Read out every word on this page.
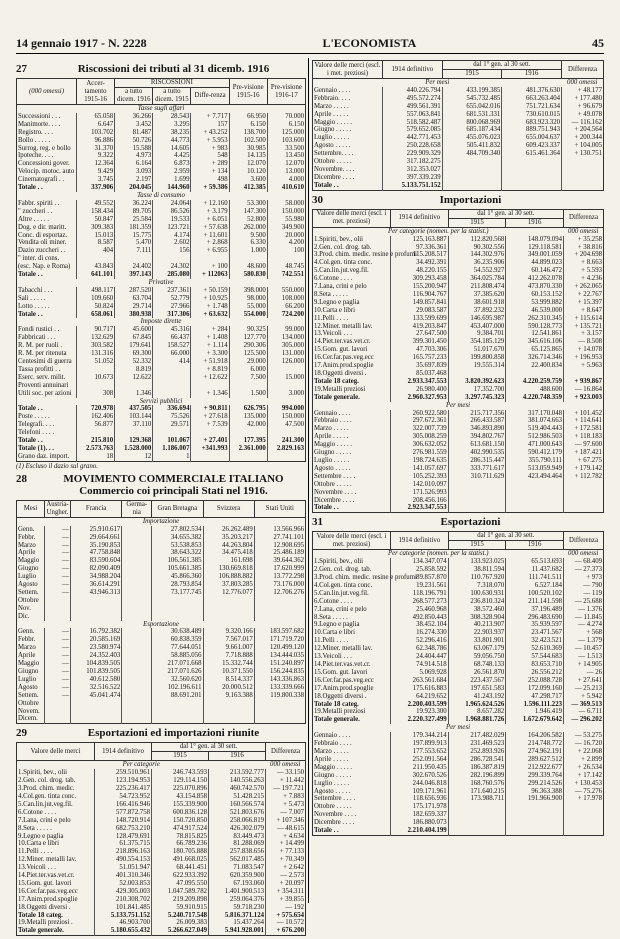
14 gennaio 1917 - N. 2228	L'ECONOMISTA	45
27	Riscossioni dei tributi al 31 dicemb. 1916
(000 omessi)	Accer-tamento 1915-16	RISCOSSIONI			Pre-visione 1915-16	Pre-visione 1916-17
		a tutto dicem. 1916	a tutto dicem. 1915	Diffe-renza		
Tasse sugli affari						
Successioni . . .	65.058	36.266	28.543	+ 7.717	66.950	70.000
Manimorte. . . .	6.647	3.452	3.295	157	6.150	6.150
Registro. . . .	103.702	81.487	38.235	+ 43.252	138.700	125.000
Bollo . . . . .	96.886	50.726	44.773	+ 5.953	102.500	103.600
Surrog. reg. e bollo	31.370	15.588	14.605	+ 983	30.985	33.500
Ipoteche. . . .	9.322	4.973	4.425	548	14.135	13.450
Concessioni gover.	12.364	6.164	6.873	+ 289	12.070	12.070
Velocip. motoc. auto	9.429	3.093	2.959	+ 134	10.120	13.000
Cinematografi . .	3.745	2.197	1.699	498	3.600	4.000
Totale . .	337.906	204.045	144.960	+ 59.386	412.385	410.610
Tasse di consumo						
Fabbr. spiriti . .	49.552	36.224	24.064	+ 12.160	53.300	58.000
" zuccheri . .	158.434	89.705	86.526	+ 3.179	147.300	150.000
Altre . . . . .	50.847	25.584	19.533	+ 6.051	52.800	55.980
Dog. e dir. maritt.	309.383	181.359	123.721	+ 57.638	262.000	349.900
Conc. di esportaz.	15.013	15.775	4.174	+ 11.601	9.500	20.000
Vendita oli miner.	8.587	5.470	2.602	+ 2.868	6.330	4.200
Dazio zuccheri . .	404	7.111	156	+ 6.955	1.000	100
" inter. di cons.						
(esc. Nap. e Roma)	43.843	24.402	24.302	+ 100	48.600	48.745
Totale . .	641.101	397.143	285.080	+ 112063	580.830	742.551
Privative						
Tabacchi . . .	498.117	287.520	237.361	+ 50.159	398.000	550.000
Sali . . . . .	109.660	63.704	52.779	+ 10.925	98.000	108.000
Lotto . . . . .	50.824	29.714	27.966	+ 1.748	55.000	66.200
Totale . .	658.061	380.938	317.306	+ 63.632	554.000	724.200
Imposte dirette						
Fondi rustici . .	90.717	45.600	45.316	+ 284	90.325	99.000
Fabbricati . . .	132.629	67.845	66.437	+ 1.408	127.770	134.000
R. M. per ruoli .	303.582	179.641	158.527	+ 1.114	290.306	305.000
R. M. per ritenuta	131.316	69.300	66.000	+ 3.300	125.500	131.000
Centesimi di guerra	51.052	52.332	414	+ 51.918	29.000	126.000
Tassa profitti . .		8.819		+ 8.819	6.000	
Eserc. serv. milit.	10.673	12.622		+ 12.622	7.500	15.000
Proventi annuinari						
Utili soc. per azioni	308	1.346		+ 1.346	1.500	3.000
Servizi pubblici						
Totale . .	720.978	437.505	336.694	+ 90.811	626.795	994.000
Poste . . . . .	162.406	103.144	75.526	+ 27.618	135.000	150.000
Telegrafi. . . .	56.877	37.110	29.571	+ 7.539	42.000	47.500
Telefoni . . . .						
Totale . .	215.810	129.368	101.067	+ 27.401	177.395	241.300
Totale (1). . .	2.573.763	1.528.000	1.186.007	+341.993	2.361.000	2.829.163
Grano daz. import.	18	12	1			
(1) Escluso il dazio sul grano.
28	MOVIMENTO COMMERCIALE ITALIANO
Commercio coi principali Stati nel 1916.
Mesi	Austria-Ungher.	Francia	Germa-nia	Gran Bretagna	Svizzera	Stati Uniti
Importazione						
Genn.	—	25.910.617		27.802.534	26.262.489	13.566.966
Febbr.	—	29.664.661		34.655.382	35.203.217	27.741.101
Marzo	—	35.190.853		53.538.853	44.263.804	12.908.695
Aprile	—	47.758.848		38.643.322	34.475.418	25.486.189
Maggio	—	83.590.604		106.561.385	161.698	39.644.362
Giugno	—	82.090.409		105.661.385	130.669.818	17.620.999
Luglio	—	34.988.204		45.866.360	106.888.882	13.772.298
Agosto	—	36.614.291		28.793.854	37.803.285	73.176.000
Settem.	—	43.946.313		73.177.745	12.776.077	12.706.276
Ottobre						
Nov.						
Dic.						
Esportazione						
Genn.	—	16.792.382		30.638.489	9.320.166	183.597.682
Febbr.	—	20.585.169		60.838.359	7.567.017	171.719.720
Marzo	—	23.580.974		77.644.051	9.661.007	120.499.120
Aprile	—	24.352.403		58.885.056	7.718.888	134.444.035
Maggio	—	104.839.505		217.071.668	15.332.744	151.240.897
Giugno	—	101.839.505		217.071.626	10.371.550	156.244.835
Luglio	—	40.612.580		32.560.620	8.514.337	143.336.863
Agosto	—	32.516.522		102.196.611	20.000.512	133.339.666
Settem.	—	45.041.474		88.691.201	9.163.388	119.800.338
Ottobre						
Novem.						
Dicem.						
29	Esportazioni ed importazioni riunite
Valore delle merci	1914 definitivo	dal 1° gen. al 30 sett.		Differenza
		1915	1916	
Per categorie				000 omessi
1.Spiriti, bev., olii	259.510.961	246.743.593	213.592.777	— 33.150
2.Gen. col. drog. tab.	123.194.953	129.114.150	140.556.263	+ 11.442
3.Prod. chim. medic.	225.236.417	225.070.896	460.742.570	— 197.721
4.Col.gen. tinta conc.	54.723.952	43.154.858	51.428.215	+ 7.883
5.Can.lin.jut.veg.fil.	166.416.946	155.339.900	160.566.574	+ 5.473
6.Cotone . . . .	577.872.758	600.836.128	521.803.676	— 7.007
7.Lana, crini e pelo	148.720.914	150.720.850	258.066.819	+ 107.346
8.Seta . . . . .	682.753.210	474.917.524	426.302.079	— 48.615
9.Legno e paglia	128.479.691	78.815.825	83.449.473	+ 4.634
10.Carta e libri	61.375.715	66.789.236	81.288.069	+ 14.499
11.Pelli . . . .	218.896.163	180.705.888	257.838.656	+ 77.133
12.Miner. metalli lav.	490.554.153	491.668.025	562.017.485	+ 70.349
13.Veicoli . . .	51.051.947	68.441.451	71.083.547	+ 2.642
14.Piet.ter.vas.vet.cr.	401.310.346	622.933.392	620.359.900	— 2.573
15.Gom. gut. lavori	52.003.853	47.095.550	67.193.060	+ 20.097
16.Cer.far.pas.veg.ecc	429.305.003	1.047.589.782	1.401.900.513	+ 354.311
17.Anim.prod.spoglie	210.308.702	219.209.898	259.064.376	+ 39.855
18.Oggetti diversi .	101.841.485	59.910.915	59.718.230	— 192
Totale 18 categ.	5.133.751.152	5.240.717.548	5.816.371.124	+ 575.654
19.Metalli preziosi .	46.903.700	26.009.383	15.437.264	— 10.572
Totale generale.	5.180.655.432	5.266.627.049	5.941.928.001	+ 676.200
Valore delle merci (escl. i met. preziosi)	1914 definitivo	dal 1° gen. al 30 sett.		Differenza
		1915	1916	
Per mesi				000 omessi
Gennaio . . . .	440.226.794	433.199.385	481.376.630	+ 48.177
Febbraio. . . .	495.572.274	545.732.485	663.263.404	+ 177.480
Marzo . . . . .	499.561.391	655.042.016	751.721.634	+ 96.679
Aprile . . . . .	557.063.841	681.531.331	730.610.015	+ 49.078
Maggio . . . . .	518.582.487	800.068.969	683.923.320	— 116.162
Giugno . . . . .	579.652.085	685.187.434	889.751.943	+ 204.564
Luglio . . . . .	442.771.453	455.076.023	655.004.637	+ 200.344
Agosto . . . . .	250.228.658	505.411.832	609.423.337	+ 104.005
Settembre. . . .	229.909.329	484.709.340	615.461.364	+ 130.751
Ottobre . . . . .	317.182.275			
Novembre. . . .	312.353.027			
Dicembre . . . .	397.339.239			
Totale . .	5.133.751.152			
30	Importazioni
Valore delle merci (escl. i met. preziosi)	1914 definitivo	dal 1° gen. al 30 sett.		Differenza
		1915	1916	
Per categorie (nomen. per la statist.)				000 omessi
1.Spiriti, bev., olii	125.163.887	112.820.568	148.079.094	+ 35.258
2.Gen. col. drog. tab.	97.336.361	90.302.556	129.118.581	+ 38.816
3.Prod. chim. medic. resine e profumi	115.208.517	144.302.976	349.001.059	+ 204.698
4.Col.gen. tinta conc.	34.492.391	36.235.906	44.899.023	+ 8.663
5.Can.lin.jut.veg.fil.	48.220.155	54.552.927	60.146.472	+ 5.593
6.Cotone . . . .	309.293.458	364.025.784	412.262.078	+ 4.236
7.Lana, crini e pelo	155.200.947	211.808.474	473.870.330	+ 262.065
8.Seta . . . . .	116.904.767	37.385.620	60.153.152	+ 22.767
9.Legno e paglia	149.857.841	38.601.918	53.999.882	+ 15.397
10.Carta e libri	29.083.587	37.892.232	46.539.000	+ 8.647
11.Pelli . . . .	133.599.699	146.695.987	262.310.345	+ 115.614
12.Miner. metalli lav.	419.203.847	453.407.000	590.128.773	+ 135.721
13.Veicoli . . .	27.647.500	9.384.701	12.541.861	+ 3.157
14.Piet.ter.vas.vet.cr.	399.301.450	354.185.129	345.616.106	— 8.508
15.Gom. gut. lavori	47.703.306	51.017.670	65.125.865	+ 14.078
16.Cer.far.pas.veg.ecc	165.757.233	199.800.858	326.714.346	+ 196.953
17.Anim.prod.spoglie	35.697.839	19.555.314	22.400.834	+ 5.963
18.Oggetti diversi .	85.037.468			
Totale 18 categ.	2.933.347.553	3.820.392.623	4.220.259.759	+ 939.867
19.Metalli preziosi	26.980.400	17.352.700	488.600	— 16.864
Totale generale.	2.960.327.953	3.297.745.323	4.220.748.359	+ 923.003
Per mesi				
Gennaio . . . .	260.922.580	215.717.356	317.170.048	+ 101.452
Febbraio . . . .	297.672.361	266.433.587	381.074.663	+ 114.641
Marzo . . . . .	322.007.739	346.893.890	519.404.443	+ 172.581
Aprile . . . . .	305.008.259	394.802.767	512.986.503	+ 118.183
Maggio . . . . .	306.632.052	613.681.150	471.000.643	— 97.600
Giugno . . . . .	276.981.559	402.990.535	590.412.179	+ 187.421
Luglio . . . . .	198.724.635	286.315.447	355.790.111	+ 67.275
Agosto . . . . .	141.057.697	333.771.617	513.059.949	+ 179.142
Settembre . . . .	105.252.393	310.711.629	423.494.464	+ 112.782
Ottobre . . . . .	142.010.097			
Novembre . . . .	171.526.993			
Dicembre . . . .	208.456.166			
Totale . .	2.923.347.553			
31	Esportazioni
Valore delle merci (escl. i met. preziosi)	1914 definitivo	dal 1° gen. al 30 sett.		Differenza
		1915	1916	
Per categorie (nomen. per la statist.)				000 omessi
1.Spiriti, bev., olii	134.347.074	133.923.025	65.513.693	— 68.409
2.Gen. col. drog. tab.	25.858.592	38.811.594	11.437.682	— 27.373
3.Prod. chim. medic. resine e profumi	89.857.870	110.767.920	111.741.511	+ 973
4.Col.gen. tinta conc.	19.231.561	7.318.070	6.527.184	— 790
5.Can.lin.jut.veg.fil.	118.196.791	100.630.931	100.520.102	— 119
6.Cotone . . . .	268.577.273	236.810.324	211.141.598	— 25.688
7.Lana, crini e pelo	25.460.968	38.572.460	37.196.489	— 1.376
8.Seta . . . . .	492.850.443	308.328.904	296.483.690	— 11.845
9.Legno e paglia	38.452.104	40.213.907	35.939.597	— 4.274
10.Carta e libri	16.274.330	22.903.937	23.471.567	+ 568
11.Pelli . . . .	52.296.416	33.801.901	32.423.521	— 1.379
12.Miner. metalli lav.	62.348.786	63.067.179	52.610.369	— 10.457
13.Veicoli . . .	24.404.447	59.056.750	57.544.683	— 1.513
14.Piet.ter.vas.vet.cr.	74.914.518	68.748.133	83.653.710	+ 14.905
15.Gom. gut. lavori	5.069.928	26.561.870	26.556.212	— 26
16.Cer.far.pas.veg.ecc	263.561.684	223.437.567	252.088.728	+ 27.641
17.Anim.prod.spoglie	175.616.883	197.651.583	172.099.160	— 25.213
18.Oggetti diversi .	64.219.652	41.243.192	47.298.717	+ 5.942
Totale 18 categ.	2.200.403.599	1.965.624.526	1.596.111.223	— 369.513
19.Metalli preziosi	19.923.300	8.657.282	1.946.419	— 6.711
Totale generale.	2.220.327.499	1.968.881.726	1.672.679.642	— 296.202
Per mesi				
Gennaio . . . .	179.344.214	217.482.029	164.206.582	— 53.275
Febbraio . . . .	197.899.913	231.469.523	214.748.772	— 16.720
Marzo . . . . .	177.553.652	252.893.926	274.962.191	+ 22.068
Aprile . . . . .	252.091.564	286.728.541	289.627.512	+ 2.899
Maggio . . . . .	211.950.435	186.387.819	212.922.677	+ 26.534
Giugno . . . . .	302.670.526	282.196.899	299.339.764	+ 17.142
Luglio . . . . .	244.046.818	168.760.576	299.214.526	+ 130.453
Agosto . . . . .	109.171.961	171.640.215	96.363.388	— 75.276
Settembre . . . .	118.656.936	173.988.711	191.966.900	+ 17.978
Ottobre . . . . .	175.171.978			
Novembre . . . .	182.659.337			
Dicembre . . . .	186.880.073			
Totale . .	2.210.404.199			
